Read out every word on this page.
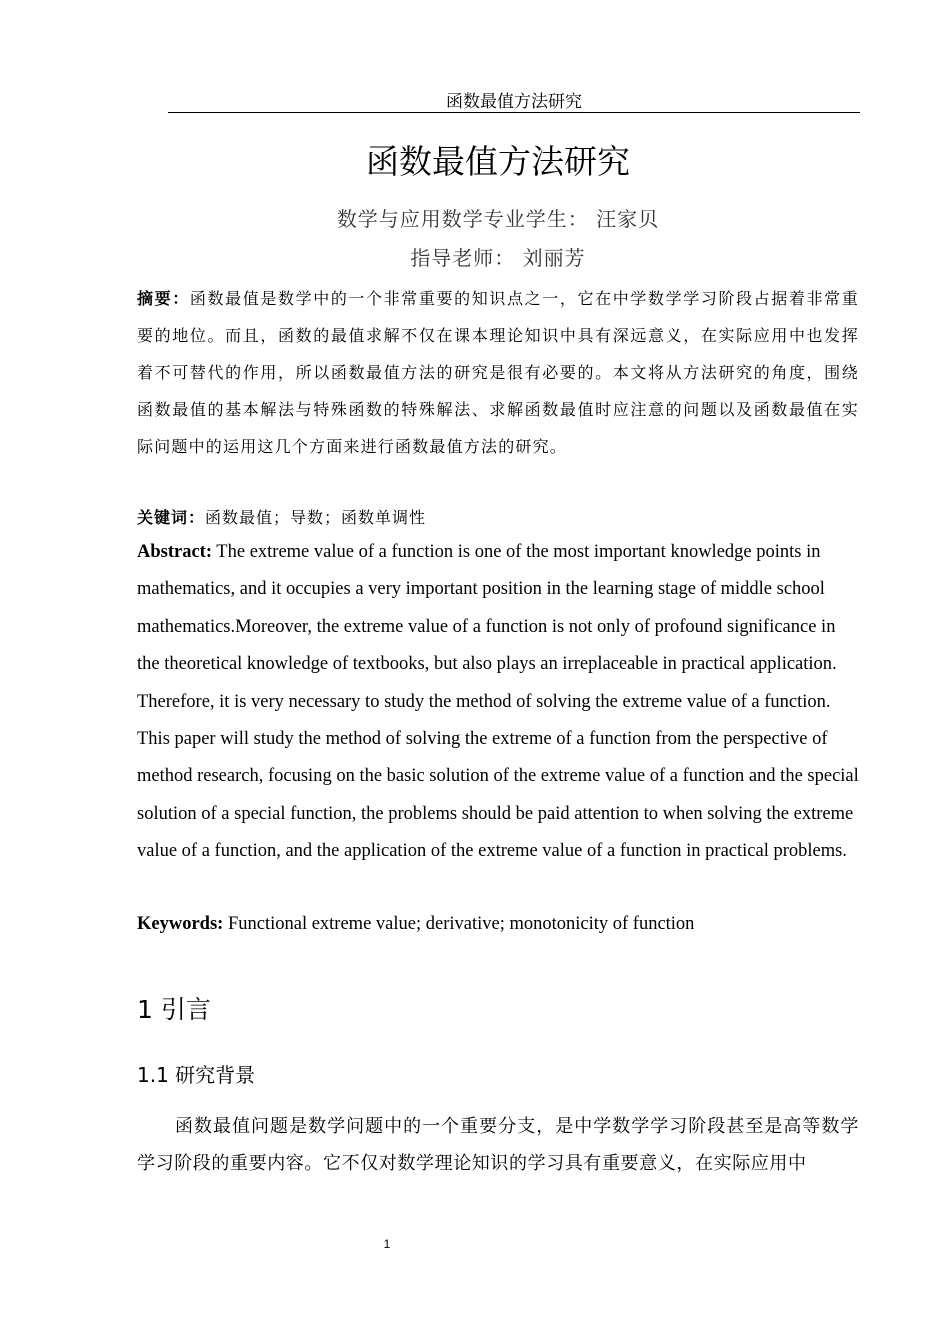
函数最值方法研究
函数最值方法研究
数学与应用数学专业学生： 汪家贝
指导老师： 刘丽芳

摘要：函数最值是数学中的一个非常重要的知识点之一，它在中学数学学习阶段占据着非常重要的地位。而且，函数的最值求解不仅在课本理论知识中具有深远意义，在实际应用中也发挥着不可替代的作用，所以函数最值方法的研究是很有必要的。本文将从方法研究的角度，围绕函数最值的基本解法与特殊函数的特殊解法、求解函数最值时应注意的问题以及函数最值在实际问题中的运用这几个方面来进行函数最值方法的研究。

关键词：函数最值；导数；函数单调性

Abstract: The extreme value of a function is one of the most important knowledge points in mathematics, and it occupies a very important position in the learning stage of middle school mathematics.Moreover, the extreme value of a function is not only of profound significance in the theoretical knowledge of textbooks, but also plays an irreplaceable in practical application. Therefore, it is very necessary to study the method of solving the extreme value of a function. This paper will study the method of solving the extreme of a function from the perspective of method research, focusing on the basic solution of the extreme value of a function and the special solution of a special function, the problems should be paid attention to when solving the extreme value of a function, and the application of the extreme value of a function in practical problems.

Keywords: Functional extreme value; derivative; monotonicity of function

1 引言
1.1 研究背景

函数最值问题是数学问题中的一个重要分支，是中学数学学习阶段甚至是高等数学学习阶段的重要内容。它不仅对数学理论知识的学习具有重要意义，在实际应用中

1
